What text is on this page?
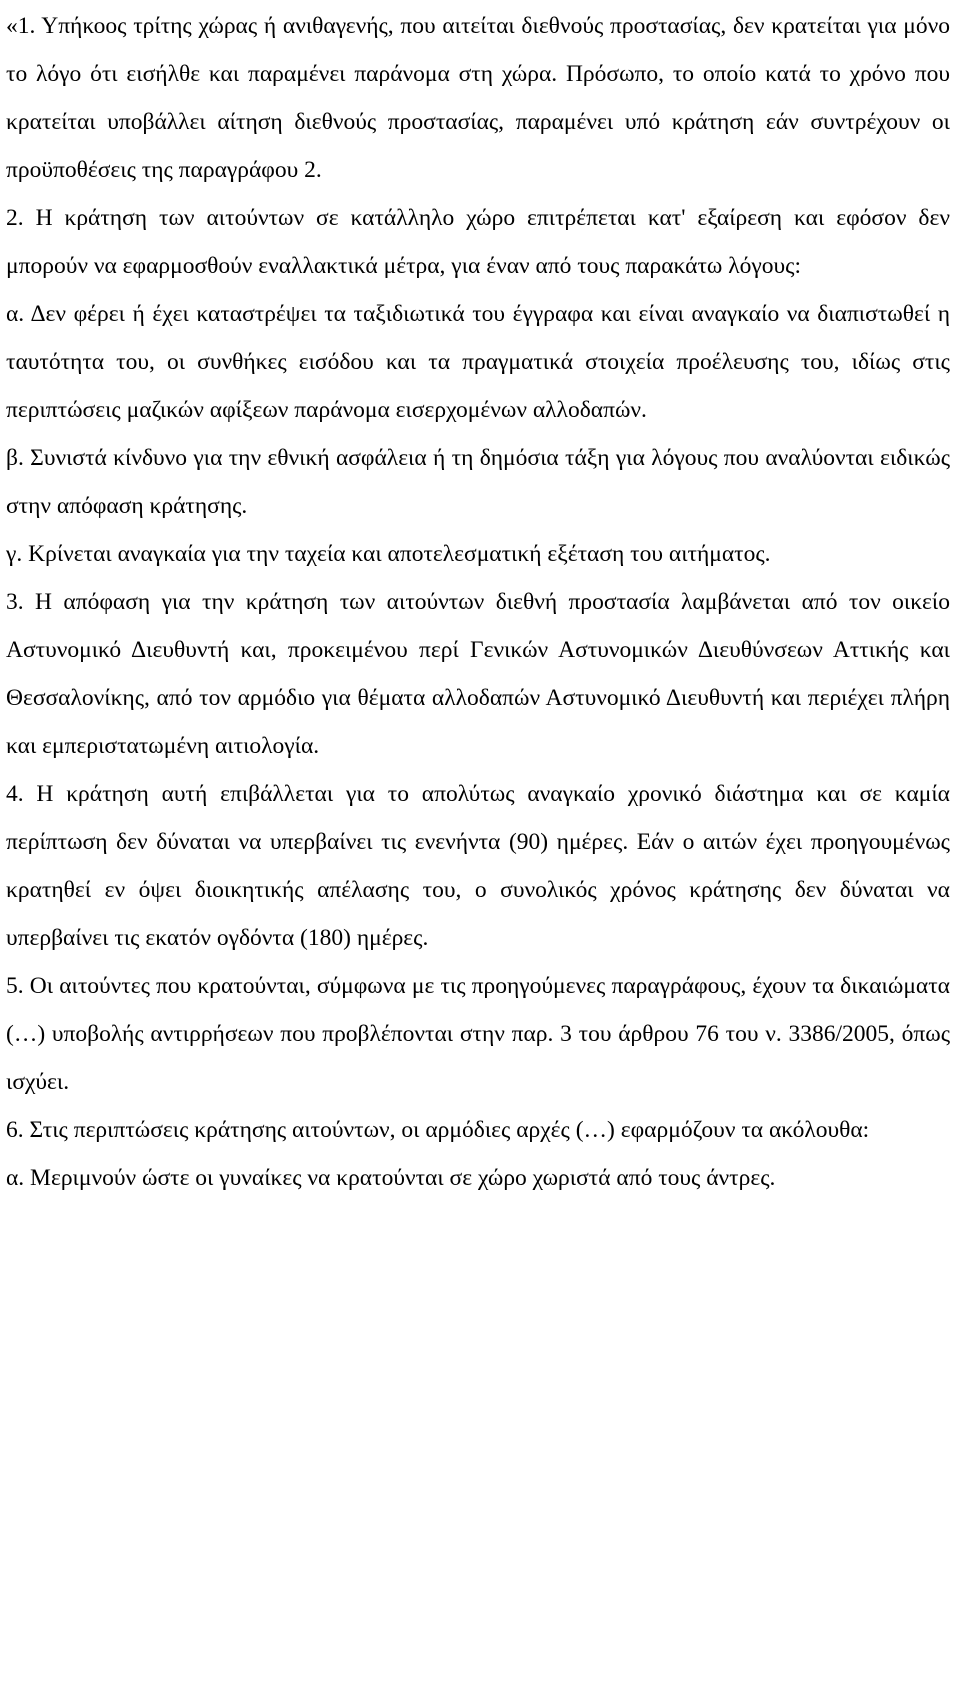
«1. Υπήκοος τρίτης χώρας ή ανιθαγενής, που αιτείται διεθνούς προστασίας, δεν κρατείται για μόνο το λόγο ότι εισήλθε και παραμένει παράνομα στη χώρα. Πρόσωπο, το οποίο κατά το χρόνο που κρατείται υποβάλλει αίτηση διεθνούς προστασίας, παραμένει υπό κράτηση εάν συντρέχουν οι προϋποθέσεις της παραγράφου 2.

2. Η κράτηση των αιτούντων σε κατάλληλο χώρο επιτρέπεται κατ' εξαίρεση και εφόσον δεν μπορούν να εφαρμοσθούν εναλλακτικά μέτρα, για έναν από τους παρακάτω λόγους:

α. Δεν φέρει ή έχει καταστρέψει τα ταξιδιωτικά του έγγραφα και είναι αναγκαίο να διαπιστωθεί η ταυτότητα του, οι συνθήκες εισόδου και τα πραγματικά στοιχεία προέλευσης του, ιδίως στις περιπτώσεις μαζικών αφίξεων παράνομα εισερχομένων αλλοδαπών.

β. Συνιστά κίνδυνο για την εθνική ασφάλεια ή τη δημόσια τάξη για λόγους που αναλύονται ειδικώς στην απόφαση κράτησης.

γ. Κρίνεται αναγκαία για την ταχεία και αποτελεσματική εξέταση του αιτήματος.

3. Η απόφαση για την κράτηση των αιτούντων διεθνή προστασία λαμβάνεται από τον οικείο Αστυνομικό Διευθυντή και, προκειμένου περί Γενικών Αστυνομικών Διευθύνσεων Αττικής και Θεσσαλονίκης, από τον αρμόδιο για θέματα αλλοδαπών Αστυνομικό Διευθυντή και περιέχει πλήρη και εμπεριστατωμένη αιτιολογία.

4. Η κράτηση αυτή επιβάλλεται για το απολύτως αναγκαίο χρονικό διάστημα και σε καμία περίπτωση δεν δύναται να υπερβαίνει τις ενενήντα (90) ημέρες. Εάν ο αιτών έχει προηγουμένως κρατηθεί εν όψει διοικητικής απέλασης του, ο συνολικός χρόνος κράτησης δεν δύναται να υπερβαίνει τις εκατόν ογδόντα (180) ημέρες.

5. Οι αιτούντες που κρατούνται, σύμφωνα με τις προηγούμενες παραγράφους, έχουν τα δικαιώματα (…) υποβολής αντιρρήσεων που προβλέπονται στην παρ. 3 του άρθρου 76 του ν. 3386/2005, όπως ισχύει.

6. Στις περιπτώσεις κράτησης αιτούντων, οι αρμόδιες αρχές (…) εφαρμόζουν τα ακόλουθα:

α. Μεριμνούν ώστε οι γυναίκες να κρατούνται σε χώρο χωριστά από τους άντρες.
